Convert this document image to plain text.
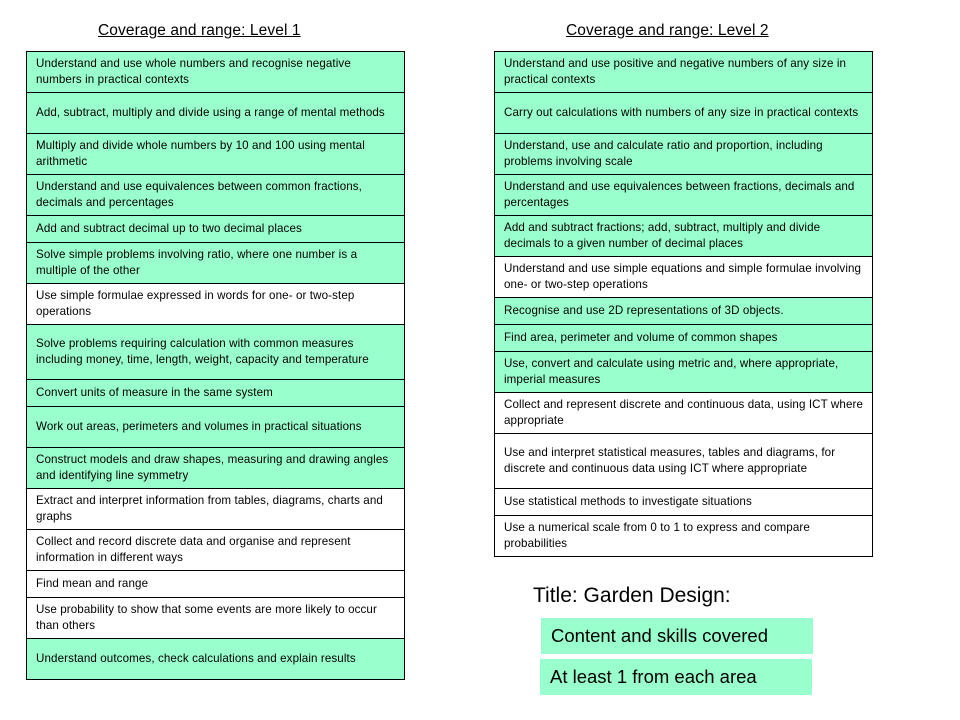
Coverage and range: Level 1	Coverage and range: Level 2
Understand and use whole numbers and recognise negative numbers in practical contexts
Add, subtract, multiply and divide using a range of mental methods
Multiply and divide whole numbers by 10 and 100 using mental arithmetic
Understand and use equivalences between common fractions, decimals and percentages
Add and subtract decimal up to two decimal places
Solve simple problems involving ratio, where one number is a multiple of the other
Use simple formulae expressed in words for one- or two-step operations
Solve problems requiring calculation with common measures including money, time, length, weight, capacity and temperature
Convert units of measure in the same system
Work out areas, perimeters and volumes in practical situations
Construct models and draw shapes, measuring and drawing angles and identifying line symmetry
Extract and interpret information from tables, diagrams, charts and graphs
Collect and record discrete data and organise and represent information in different ways
Find mean and range
Use probability to show that some events are more likely to occur than others
Understand outcomes, check calculations and explain results
Understand and use positive and negative numbers of any size in practical contexts
Carry out calculations with numbers of any size in practical contexts
Understand, use and calculate ratio and proportion, including problems involving scale
Understand and use equivalences between fractions, decimals and percentages
Add and subtract fractions; add, subtract, multiply and divide decimals to a given number of decimal places
Understand and use simple equations and simple formulae involving one- or two-step operations
Recognise and use 2D representations of 3D objects.
Find area, perimeter and volume of common shapes
Use, convert and calculate using metric and, where appropriate, imperial measures
Collect and represent discrete and continuous data, using ICT where appropriate
Use and interpret statistical measures, tables and diagrams, for discrete and continuous data using ICT where appropriate
Use statistical methods to investigate situations
Use a numerical scale from 0 to 1 to express and compare probabilities
Title: Garden Design:
Content and skills covered
At least 1 from each area
